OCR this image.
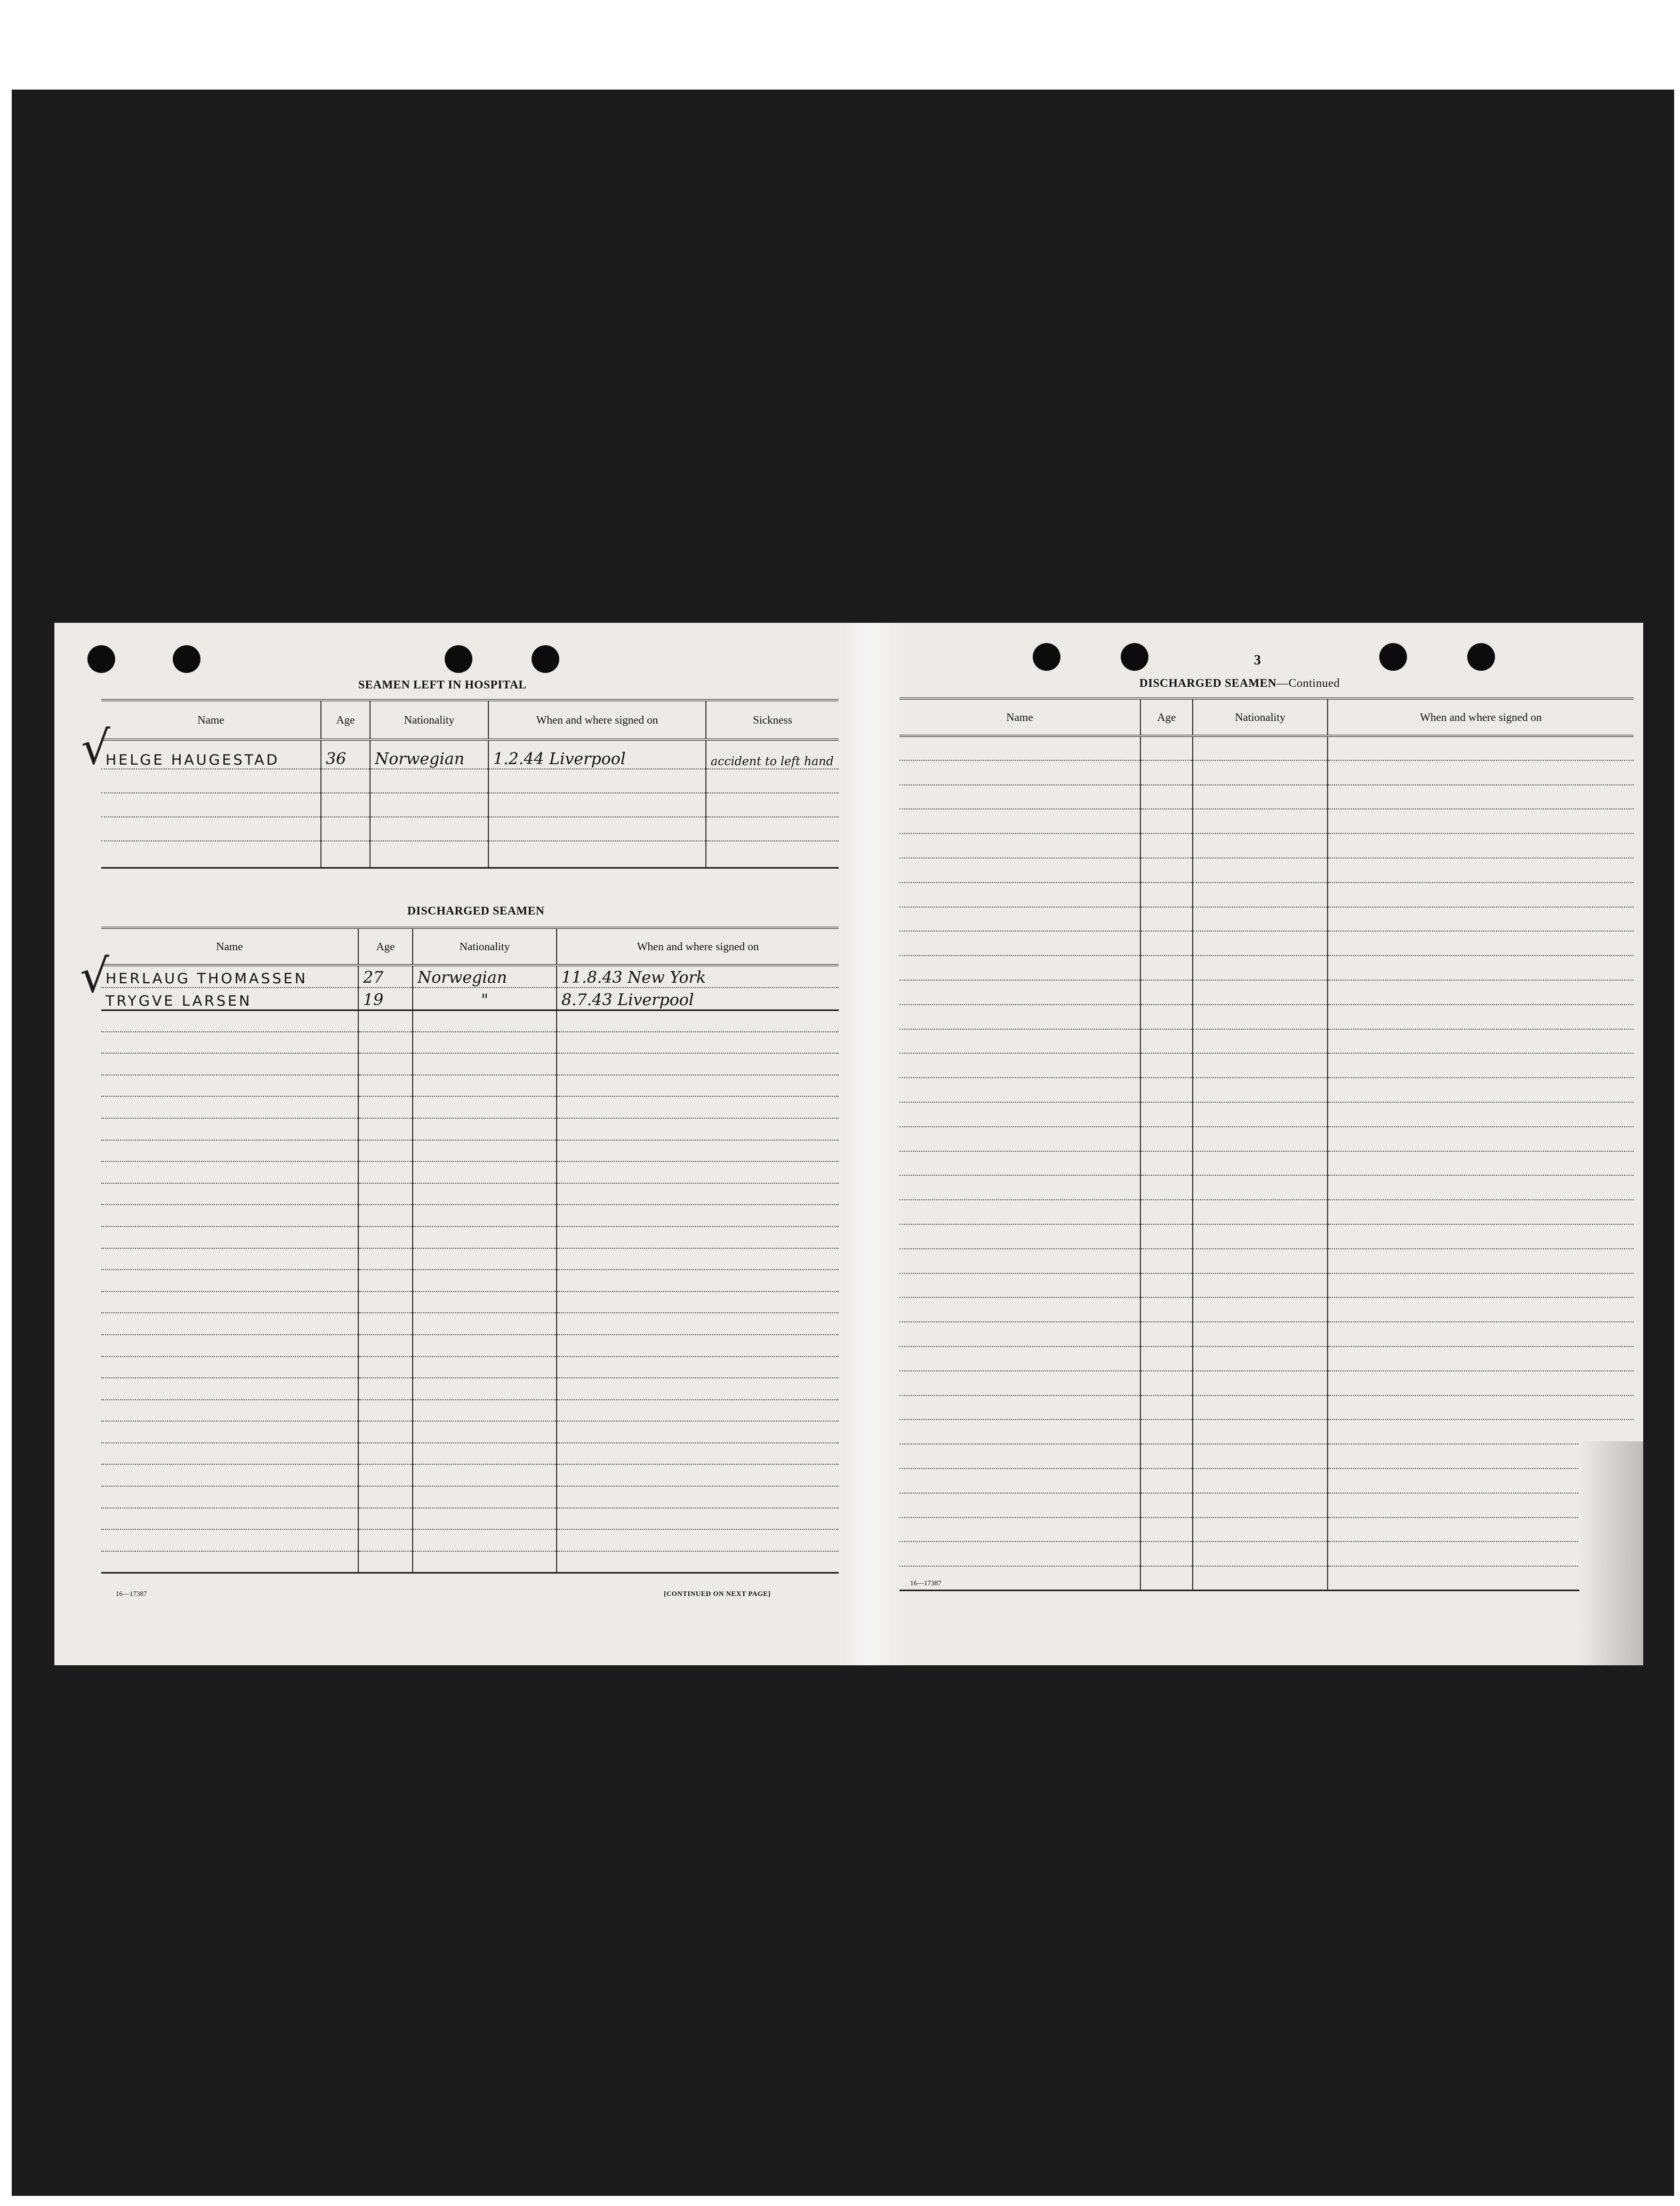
SEAMEN LEFT IN HOSPITAL
√
Name	Age	Nationality	When and where signed on	Sickness
HELGE HAUGESTAD	36	Norwegian	1.2.44 Liverpool	accident to left hand

DISCHARGED SEAMEN
√
Name	Age	Nationality	When and where signed on
HERLAUG THOMASSEN	27	Norwegian	11.8.43 New York
TRYGVE LARSEN	19	"	8.7.43 Liverpool

16—17387	[CONTINUED ON NEXT PAGE]
3
DISCHARGED SEAMEN—Continued
Name	Age	Nationality	When and where signed on

16—17387
